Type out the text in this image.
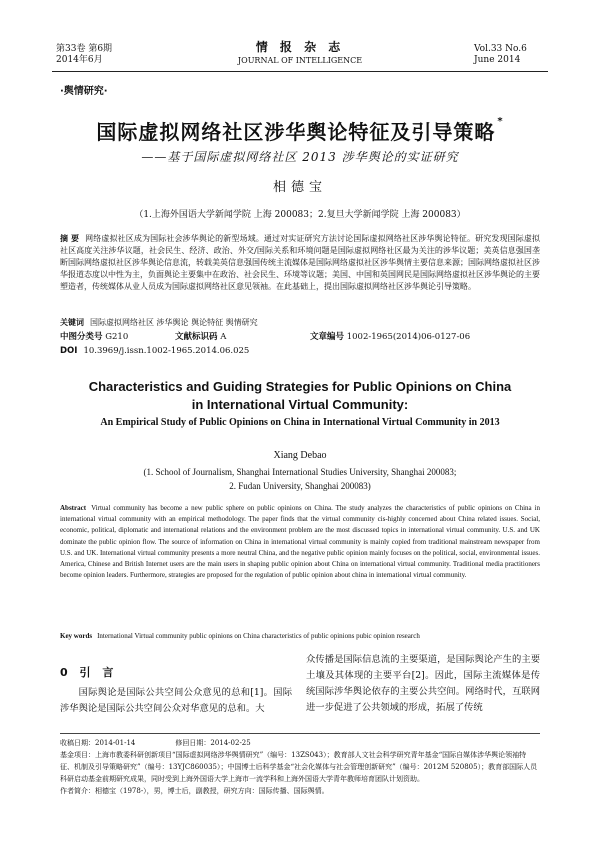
第33卷 第6期
2014年6月
情 报 杂 志
JOURNAL OF INTELLIGENCE
Vol.33 No.6
June 2014
·舆情研究·
国际虚拟网络社区涉华舆论特征及引导策略 *
——基于国际虚拟网络社区 2013 涉华舆论的实证研究
相德宝
（1.上海外国语大学新闻学院 上海 200083；2.复旦大学新闻学院 上海 200083）
摘 要 网络虚拟社区成为国际社会涉华舆论的新型场域。通过对实证研究方法讨论国际虚拟网络社区涉华舆论特征。研究发现国际虚拟社区高度关注涉华议题，社会民生、经济、政治、外交/国际关系和环境问题是国际虚拟网络社区最为关注的涉华议题；美英信息强国垄断国际网络虚拟社区涉华舆论信息流，转载美英信息强国传统主流媒体是国际网络虚拟社区涉华舆情主要信息来源；国际网络虚拟社区涉华报道态度以中性为主，负面舆论主要集中在政治、社会民生、环境等议题；美国、中国和英国网民是国际网络虚拟社区涉华舆论的主要塑造者，传统媒体从业人员成为国际虚拟网络社区意见领袖。在此基础上，提出国际虚拟网络社区涉华舆论引导策略。
关键词 国际虚拟网络社区 涉华舆论 舆论特征 舆情研究
中图分类号 G210	文献标识码 A	文章编号 1002-1965(2014)06-0127-06
DOI 10.3969/j.issn.1002-1965.2014.06.025
Characteristics and Guiding Strategies for Public Opinions on China
in International Virtual Community:
An Empirical Study of Public Opinions on China in International Virtual Community in 2013
Xiang Debao
(1. School of Journalism, Shanghai International Studies University, Shanghai 200083;
2. Fudan University, Shanghai 200083)
Abstract Virtual community has become a new public sphere on public opinions on China. The study analyzes the characteristics of public opinions on China in international virtual community with an empirical methodology. The paper finds that the virtual community cis-highly concerned about China related issues. Social, economic, political, diplomatic and international relations and the environment problem are the most discussed topics in international virtual community. U.S. and UK dominate the public opinion flow. The source of information on China in international virtual community is mainly copied from traditional mainstream newspaper from U.S. and UK. International virtual community presents a more neutral China, and the negative public opinion mainly focuses on the political, social, environmental issues. America, Chinese and British Internet users are the main users in shaping public opinion about China on international virtual community. Traditional media practitioners become opinion leaders. Furthermore, strategies are proposed for the regulation of public opinion about china in international virtual community.
Key words International Virtual community public opinions on China characteristics of public opinions pubic opinion research
0 引 言

国际舆论是国际公共空间公众意见的总和[1]。国际涉华舆论是国际公共空间公众对华意见的总和。大

众传播是国际信息流的主要渠道，是国际舆论产生的主要土壤及其体现的主要平台[2]。因此，国际主流媒体是传统国际涉华舆论依存的主要公共空间。网络时代，互联网进一步促进了公共领域的形成，拓展了传统

收稿日期：2014-01-14	修回日期：2014-02-25
基金项目：上海市教委科研创新项目“国际虚拟网络涉华舆情研究”（编号：13ZS043）；教育部人文社会科学研究青年基金“国际自媒体涉华舆论领袖特征、机制及引导策略研究”（编号：13YJC860035）；中国博士后科学基金“社会化媒体与社会管理创新研究”（编号：2012M 520805）；教育部国际人员科研启动基金前期研究成果，同时受到上海外国语大学上海市一流学科和上海外国语大学青年教师培育团队计划资助。
作者简介：相德宝（1978-），男，博士后，副教授，研究方向：国际传播、国际舆情。
